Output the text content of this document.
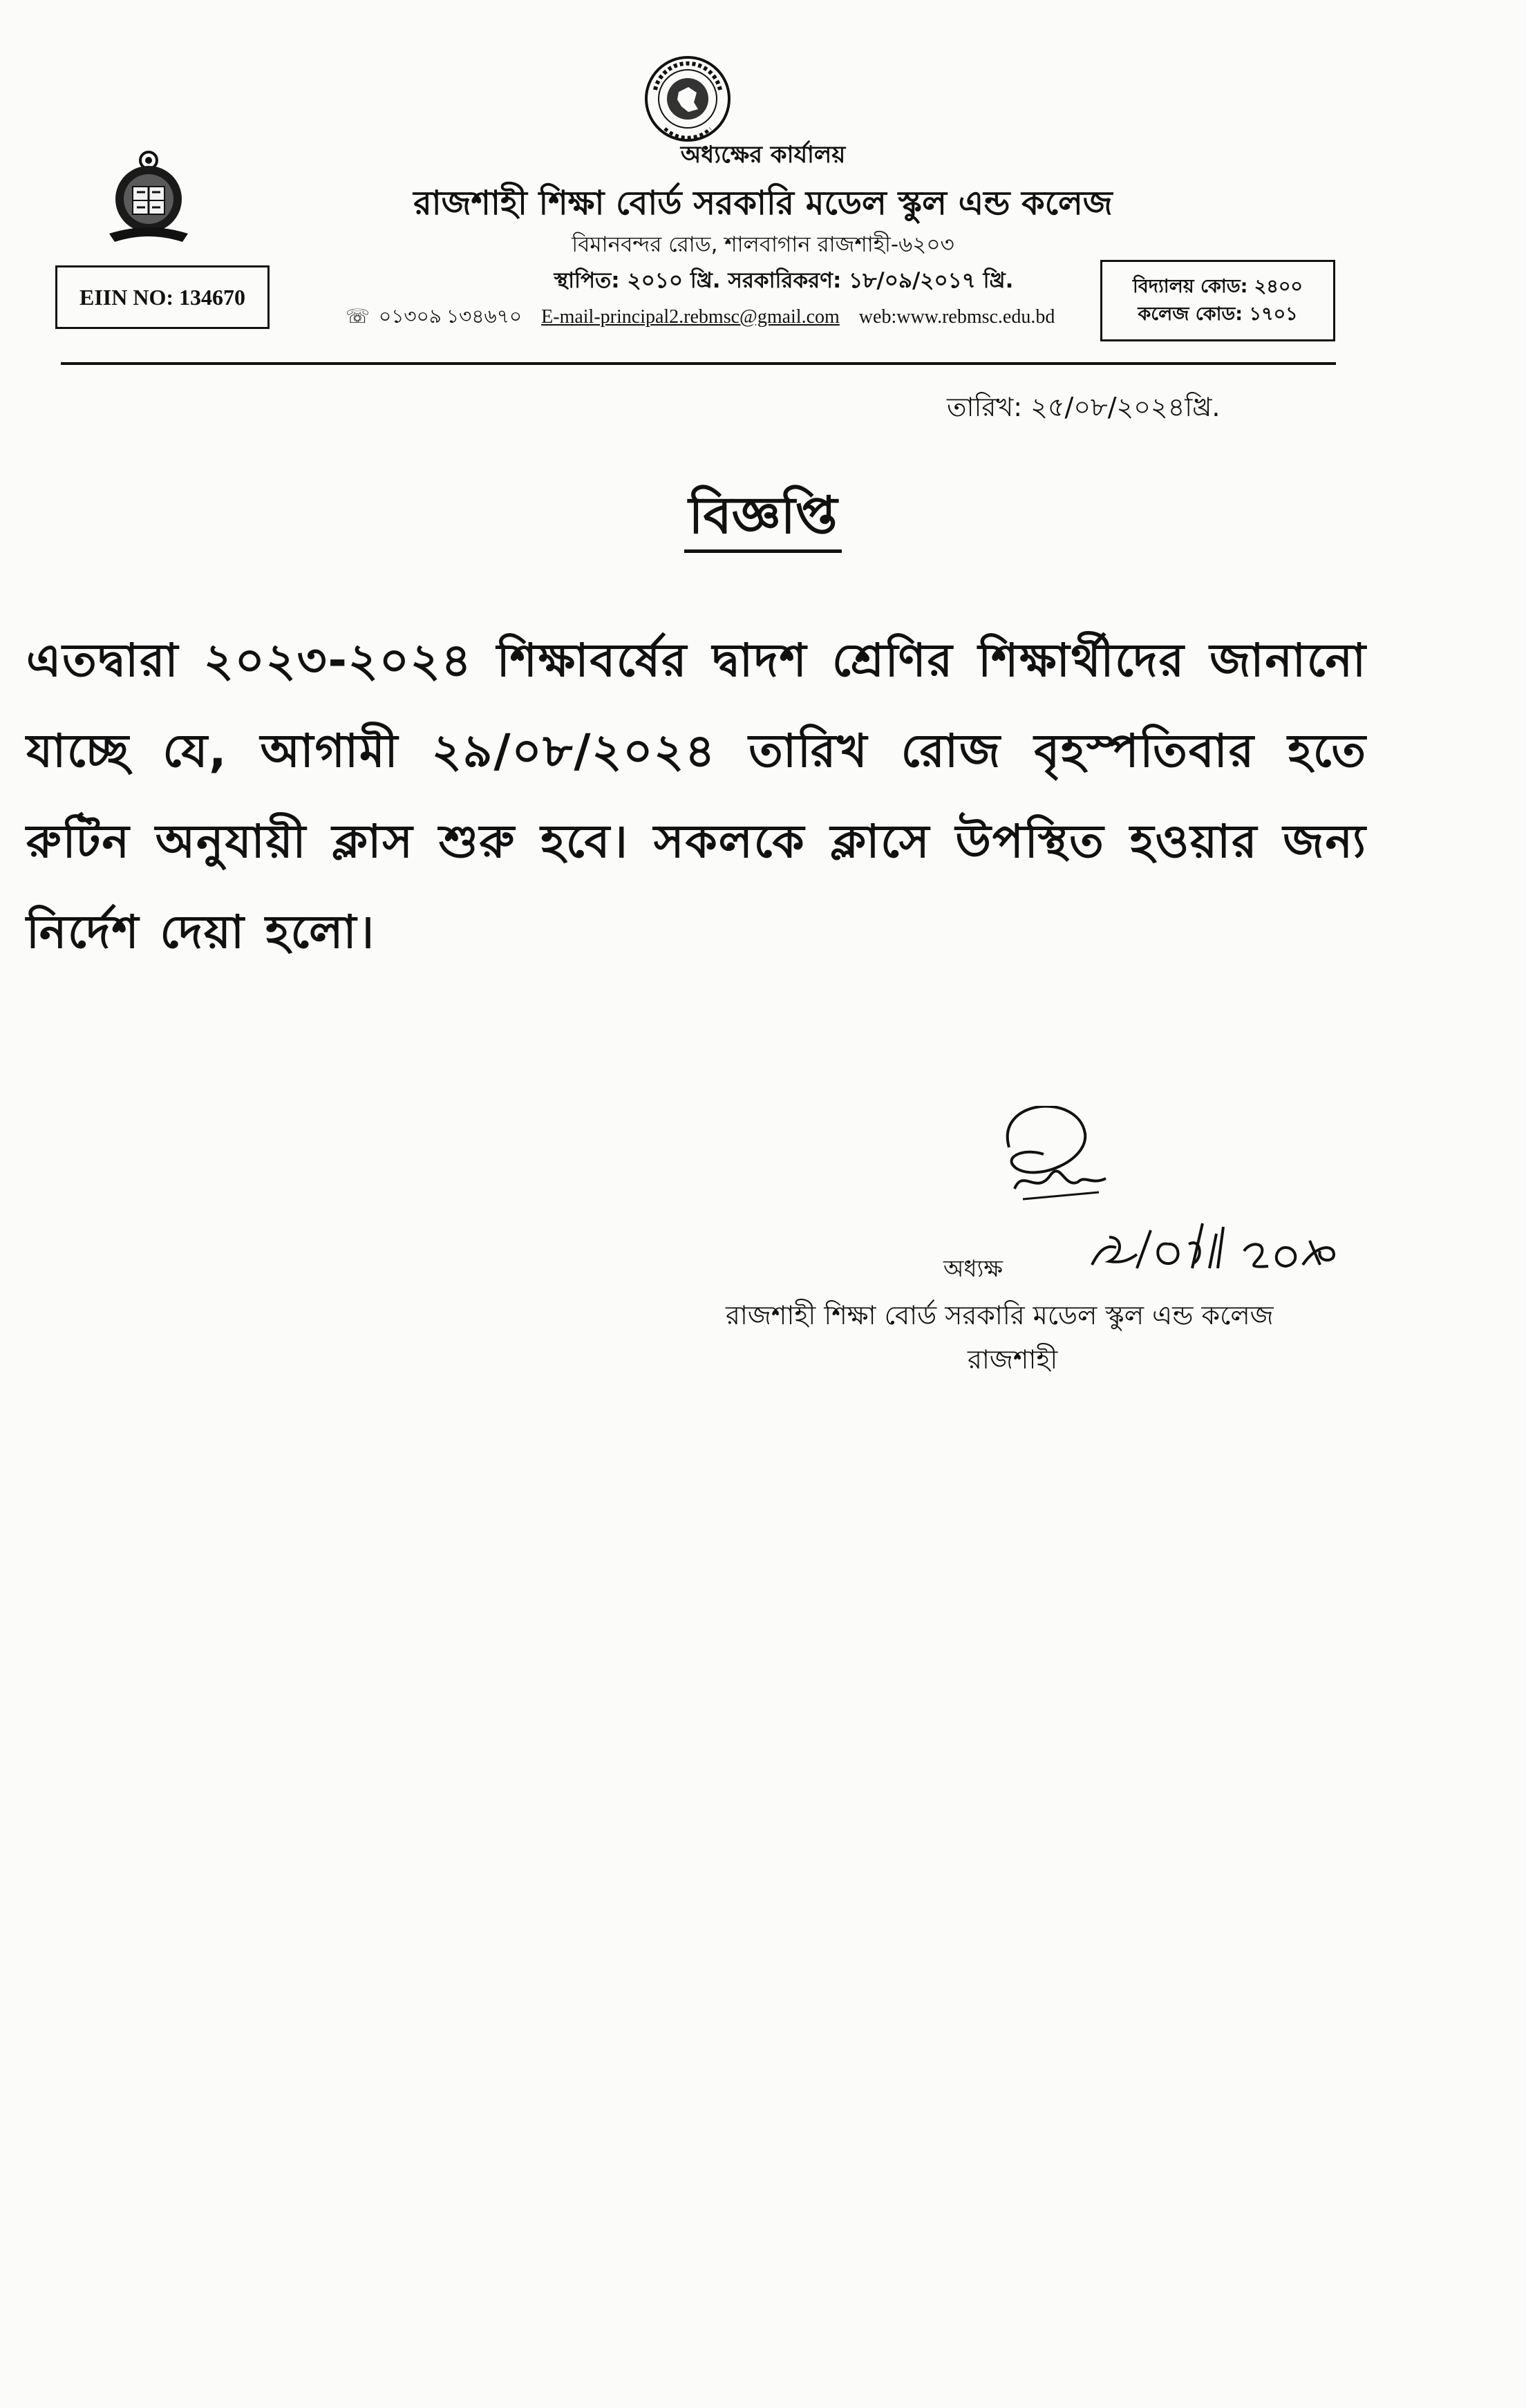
অধ্যক্ষের কার্যালয়
রাজশাহী শিক্ষা বোর্ড সরকারি মডেল স্কুল এন্ড কলেজ
বিমানবন্দর রোড, শালবাগান রাজশাহী-৬২০৩
স্থাপিত: ২০১০ খ্রি. সরকারিকরণ: ১৮/০৯/২০১৭ খ্রি.
☏ ০১৩০৯ ১৩৪৬৭০ E-mail-principal2.rebmsc@gmail.com web:www.rebmsc.edu.bd
EIIN NO: 134670	বিদ্যালয় কোড: ২৪০০
কলেজ কোড: ১৭০১
তারিখ: ২৫/০৮/২০২৪খ্রি.
বিজ্ঞপ্তি
এতদ্বারা ২০২৩-২০২৪ শিক্ষাবর্ষের দ্বাদশ শ্রেণির শিক্ষার্থীদের জানানো যাচ্ছে যে, আগামী ২৯/০৮/২০২৪ তারিখ রোজ বৃহস্পতিবার হতে রুটিন অনুযায়ী ক্লাস শুরু হবে। সকলকে ক্লাসে উপস্থিত হওয়ার জন্য নির্দেশ দেয়া হলো।
অধ্যক্ষ
রাজশাহী শিক্ষা বোর্ড সরকারি মডেল স্কুল এন্ড কলেজ
রাজশাহী
